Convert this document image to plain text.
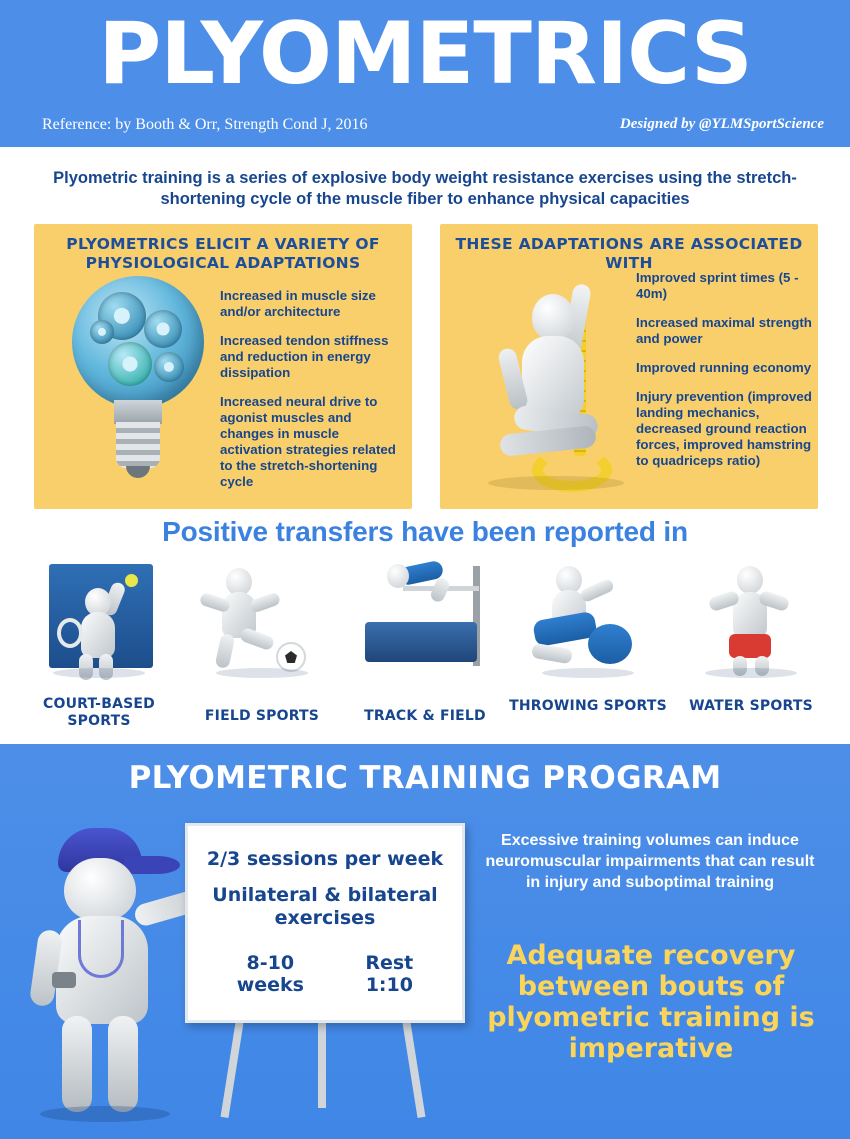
PLYOMETRICS
Reference: by Booth & Orr, Strength Cond J, 2016	Designed by @YLMSportScience
Plyometric training is a series of explosive body weight resistance exercises using the stretch-shortening cycle of the muscle fiber to enhance physical capacities
PLYOMETRICS ELICIT A VARIETY OF PHYSIOLOGICAL ADAPTATIONS

Increased in muscle size and/or architecture

Increased tendon stiffness and reduction in energy dissipation

Increased neural drive to agonist muscles and changes in muscle activation strategies related to the stretch-shortening cycle

THESE ADAPTATIONS ARE ASSOCIATED WITH

Improved sprint times (5 - 40m)

Increased maximal strength and power

Improved running economy

Injury prevention (improved landing mechanics, decreased ground reaction forces, improved hamstring to quadriceps ratio)

Positive transfers have been reported in
COURT-BASED SPORTS	FIELD SPORTS	TRACK & FIELD
THROWING SPORTS	WATER SPORTS
PLYOMETRIC TRAINING PROGRAM
2/3 sessions per week
Unilateral & bilateral exercises
8-10
weeks
Rest
1:10
Excessive training volumes can induce neuromuscular impairments that can result in injury and suboptimal training
Adequate recovery between bouts of plyometric training is imperative
